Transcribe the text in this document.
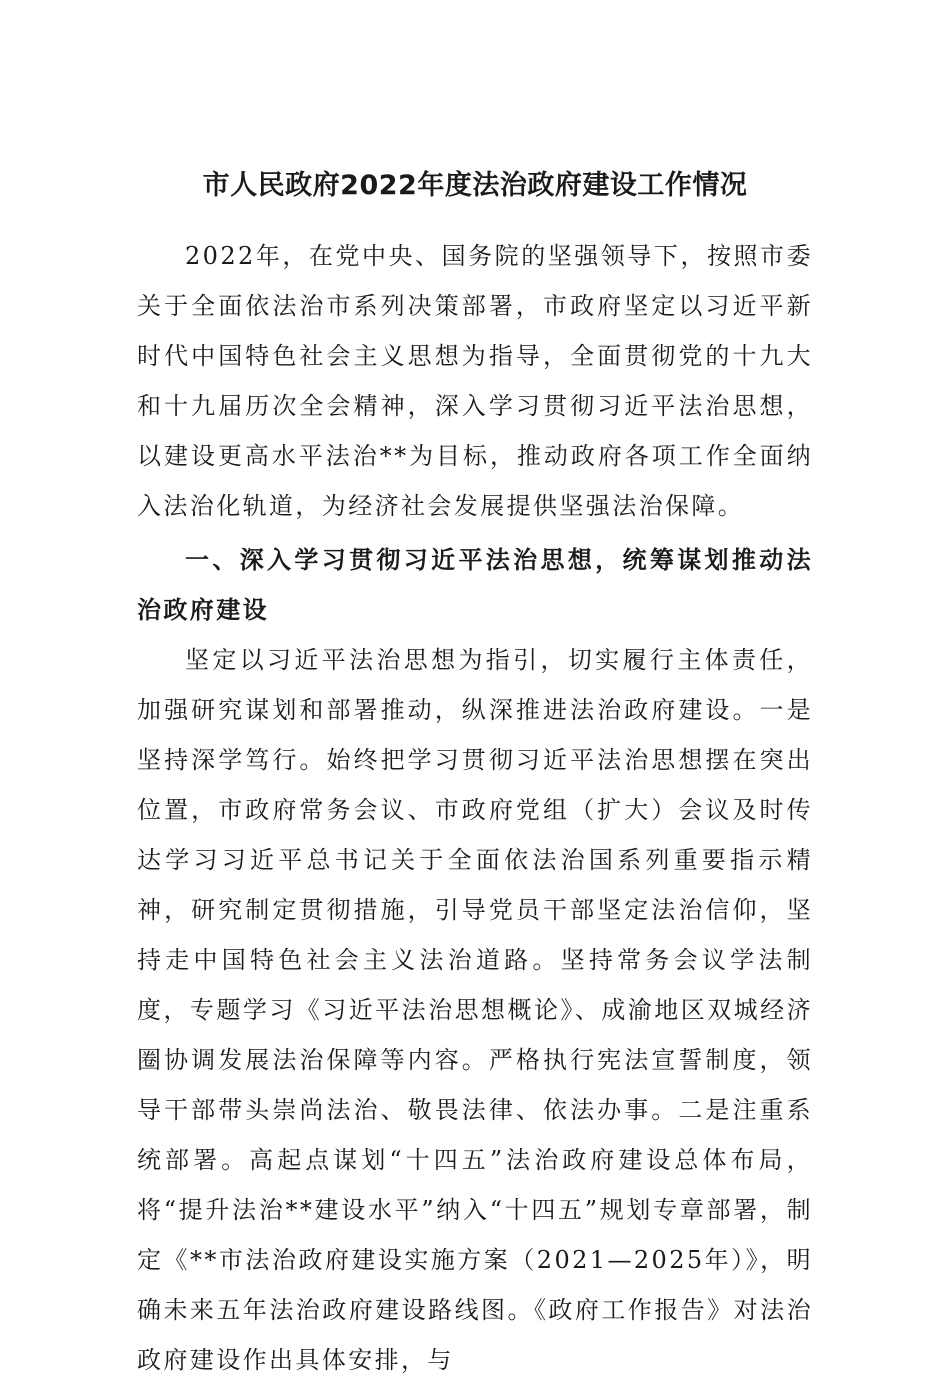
市人民政府2022年度法治政府建设工作情况

2022年，在党中央、国务院的坚强领导下，按照市委关于全面依法治市系列决策部署，市政府坚定以习近平新时代中国特色社会主义思想为指导，全面贯彻党的十九大和十九届历次全会精神，深入学习贯彻习近平法治思想，以建设更高水平法治**为目标，推动政府各项工作全面纳入法治化轨道，为经济社会发展提供坚强法治保障。

一、深入学习贯彻习近平法治思想，统筹谋划推动法治政府建设

坚定以习近平法治思想为指引，切实履行主体责任，加强研究谋划和部署推动，纵深推进法治政府建设。一是坚持深学笃行。始终把学习贯彻习近平法治思想摆在突出位置，市政府常务会议、市政府党组（扩大）会议及时传达学习习近平总书记关于全面依法治国系列重要指示精神，研究制定贯彻措施，引导党员干部坚定法治信仰，坚持走中国特色社会主义法治道路。坚持常务会议学法制度，专题学习《习近平法治思想概论》、成渝地区双城经济圈协调发展法治保障等内容。严格执行宪法宣誓制度，领导干部带头崇尚法治、敬畏法律、依法办事。二是注重系统部署。高起点谋划“十四五”法治政府建设总体布局，将“提升法治**建设水平”纳入“十四五”规划专章部署，制定《**市法治政府建设实施方案（2021—2025年）》，明确未来五年法治政府建设路线图。《政府工作报告》对法治政府建设作出具体安排，与
